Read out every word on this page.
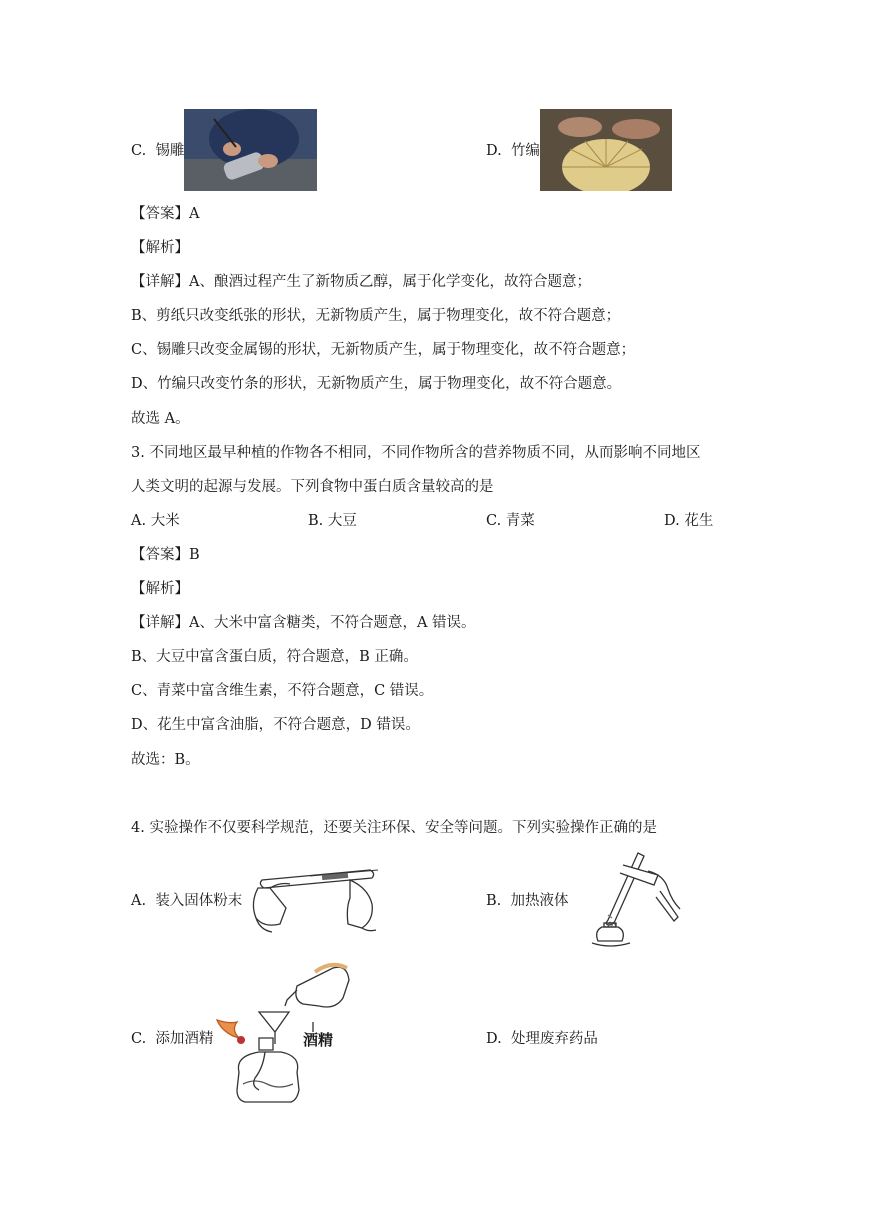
C. 锡雕	D. 竹编
【答案】A
【解析】
【详解】A、酿酒过程产生了新物质乙醇，属于化学变化，故符合题意；
B、剪纸只改变纸张的形状，无新物质产生，属于物理变化，故不符合题意；
C、锡雕只改变金属锡的形状，无新物质产生，属于物理变化，故不符合题意；
D、竹编只改变竹条的形状，无新物质产生，属于物理变化，故不符合题意。
故选 A。
3. 不同地区最早种植的作物各不相同，不同作物所含的营养物质不同，从而影响不同地区
人类文明的起源与发展。下列食物中蛋白质含量较高的是
A. 大米	B. 大豆	C. 青菜	D. 花生
【答案】B
【解析】
【详解】A、大米中富含糖类，不符合题意，A 错误。
B、大豆中富含蛋白质，符合题意，B 正确。
C、青菜中富含维生素，不符合题意，C 错误。
D、花生中富含油脂，不符合题意，D 错误。
故选：B。
4. 实验操作不仅要科学规范，还要关注环保、安全等问题。下列实验操作正确的是
A. 装入固体粉末	B. 加热液体
C. 添加酒精	酒精	D. 处理废弃药品
